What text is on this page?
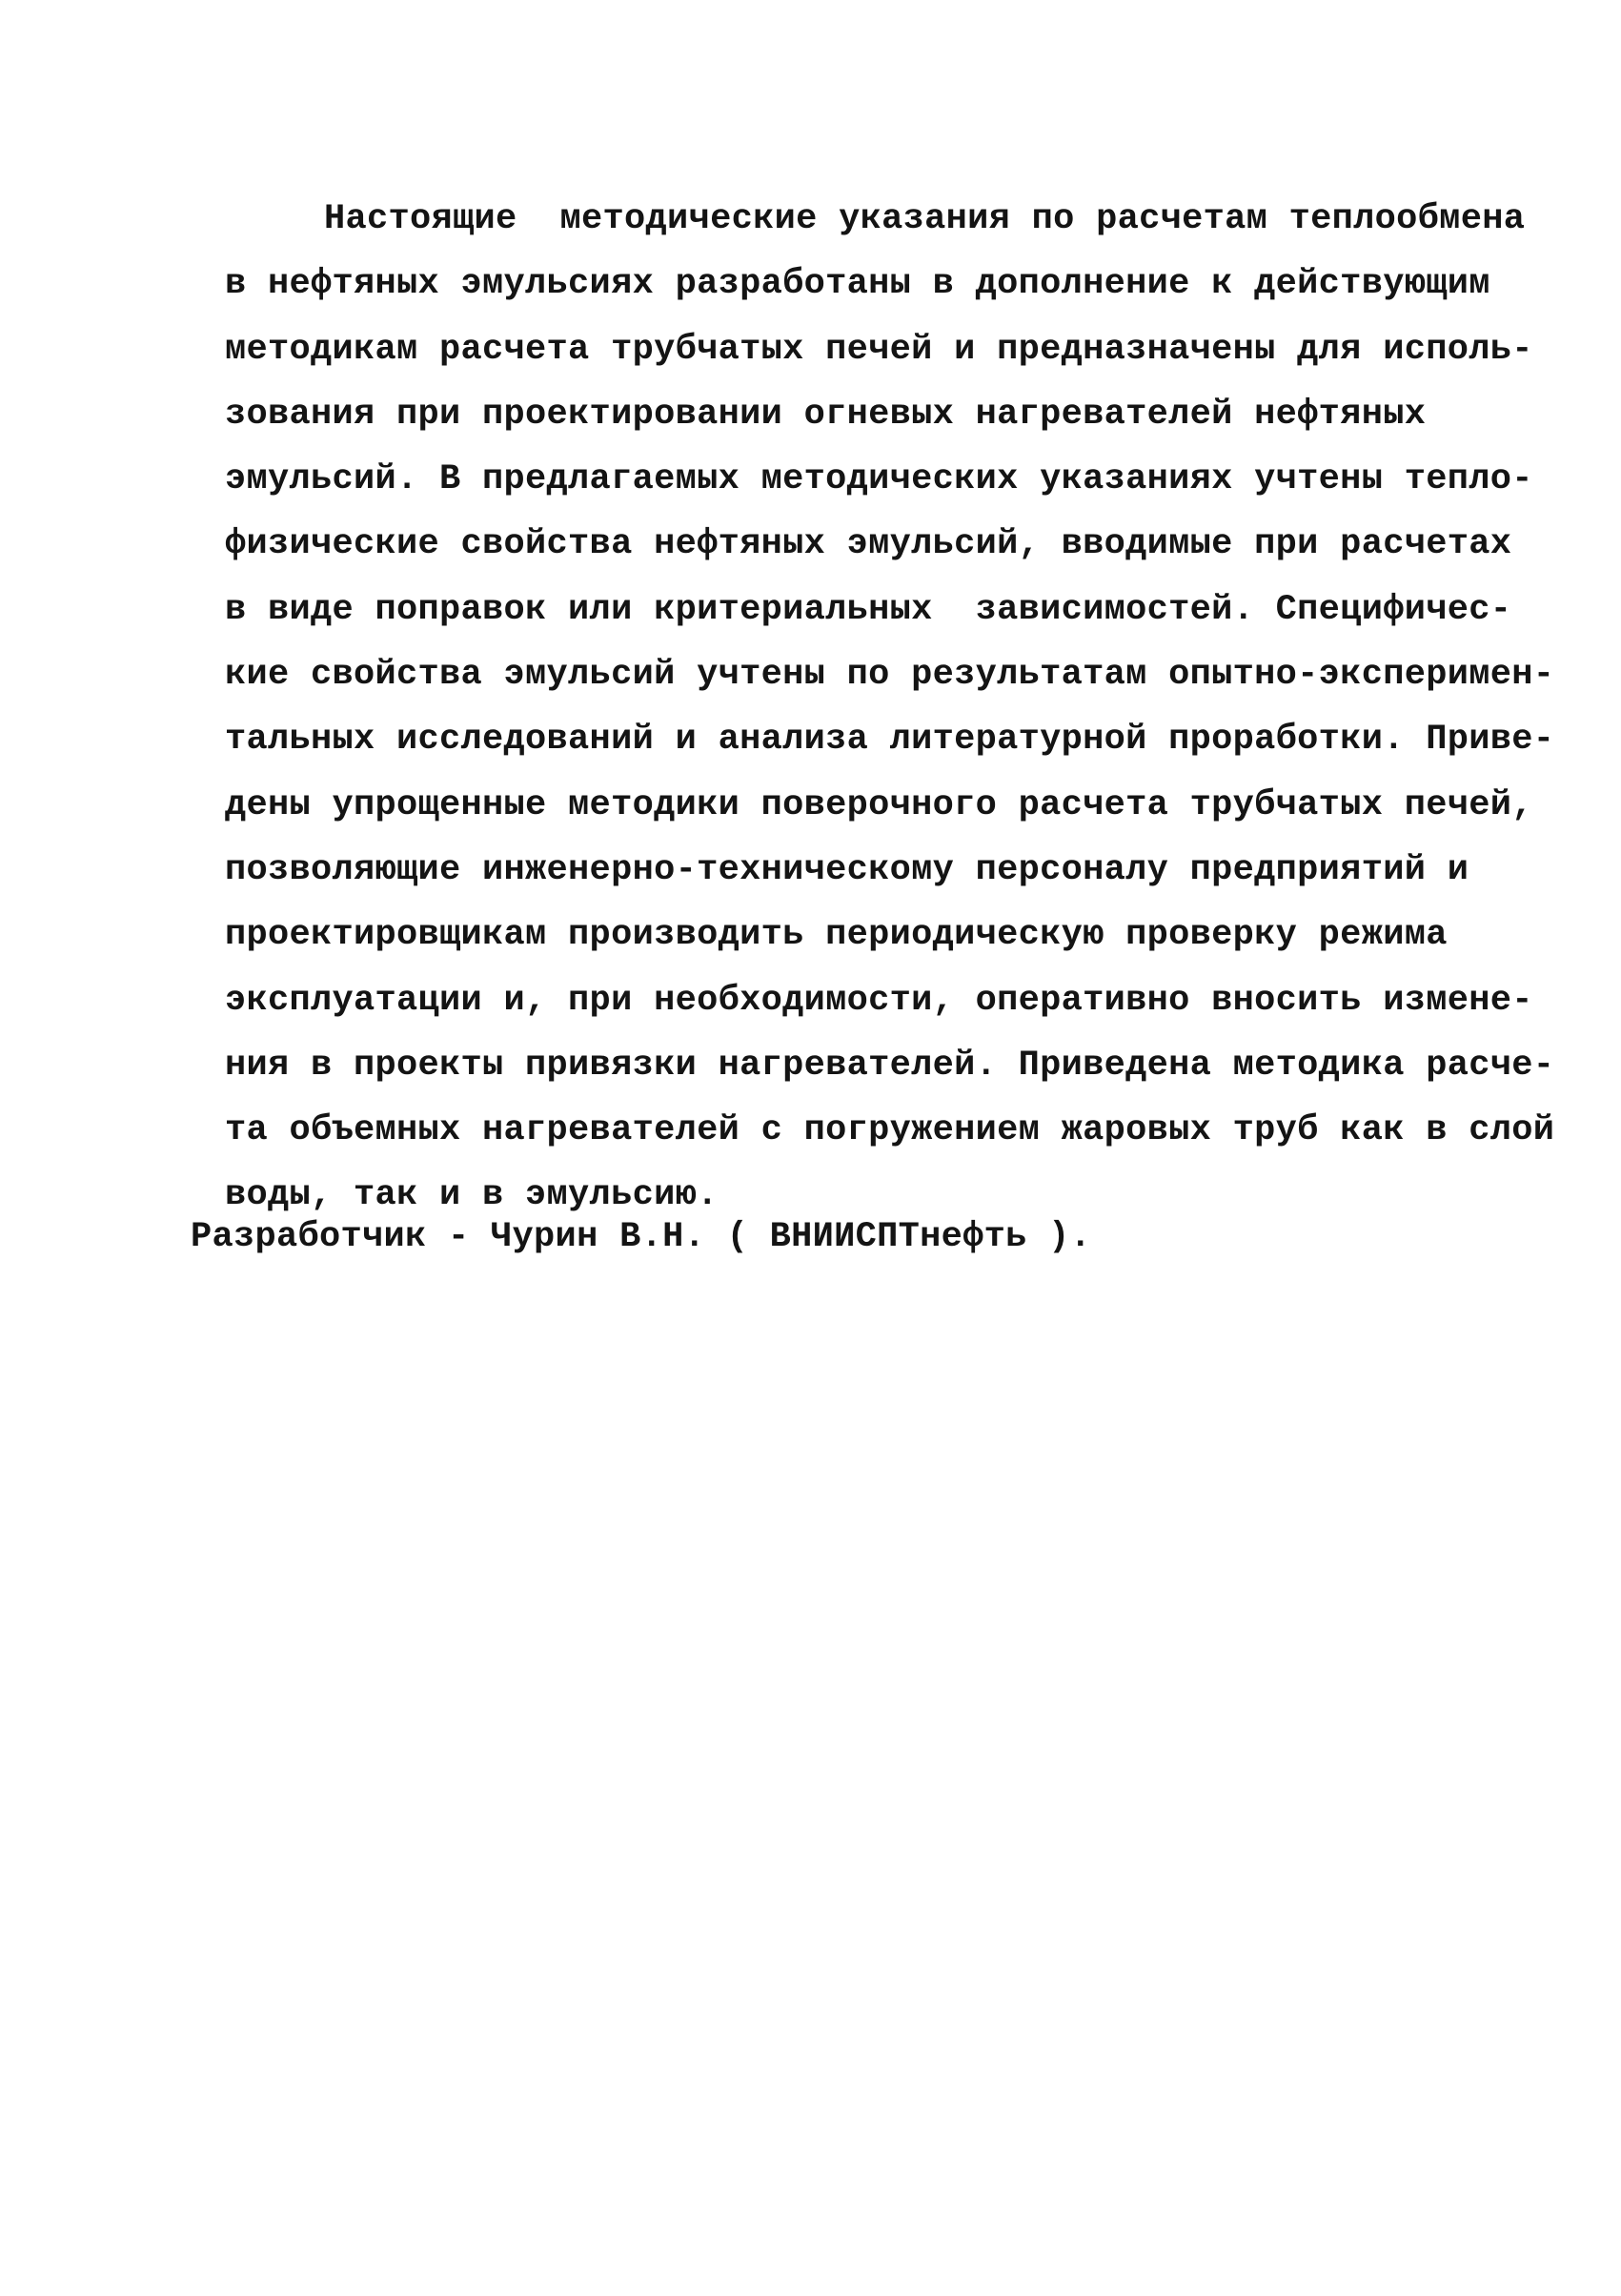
Настоящие  методические указания по расчетам теплообмена
в нефтяных эмульсиях разработаны в дополнение к действующим
методикам расчета трубчатых печей и предназначены для исполь-
зования при проектировании огневых нагревателей нефтяных
эмульсий. В предлагаемых методических указаниях учтены тепло-
физические свойства нефтяных эмульсий, вводимые при расчетах
в виде поправок или критериальных  зависимостей. Специфичес-
кие свойства эмульсий учтены по результатам опытно-эксперимен-
тальных исследований и анализа литературной проработки. Приве-
дены упрощенные методики поверочного расчета трубчатых печей,
позволяющие инженерно-техническому персоналу предприятий и
проектировщикам производить периодическую проверку режима
эксплуатации и, при необходимости, оперативно вносить измене-
ния в проекты привязки нагревателей. Приведена методика расче-
та объемных нагревателей с погружением жаровых труб как в слой
воды, так и в эмульсию.
Разработчик - Чурин В.Н. ( ВНИИСПТнефть ).
